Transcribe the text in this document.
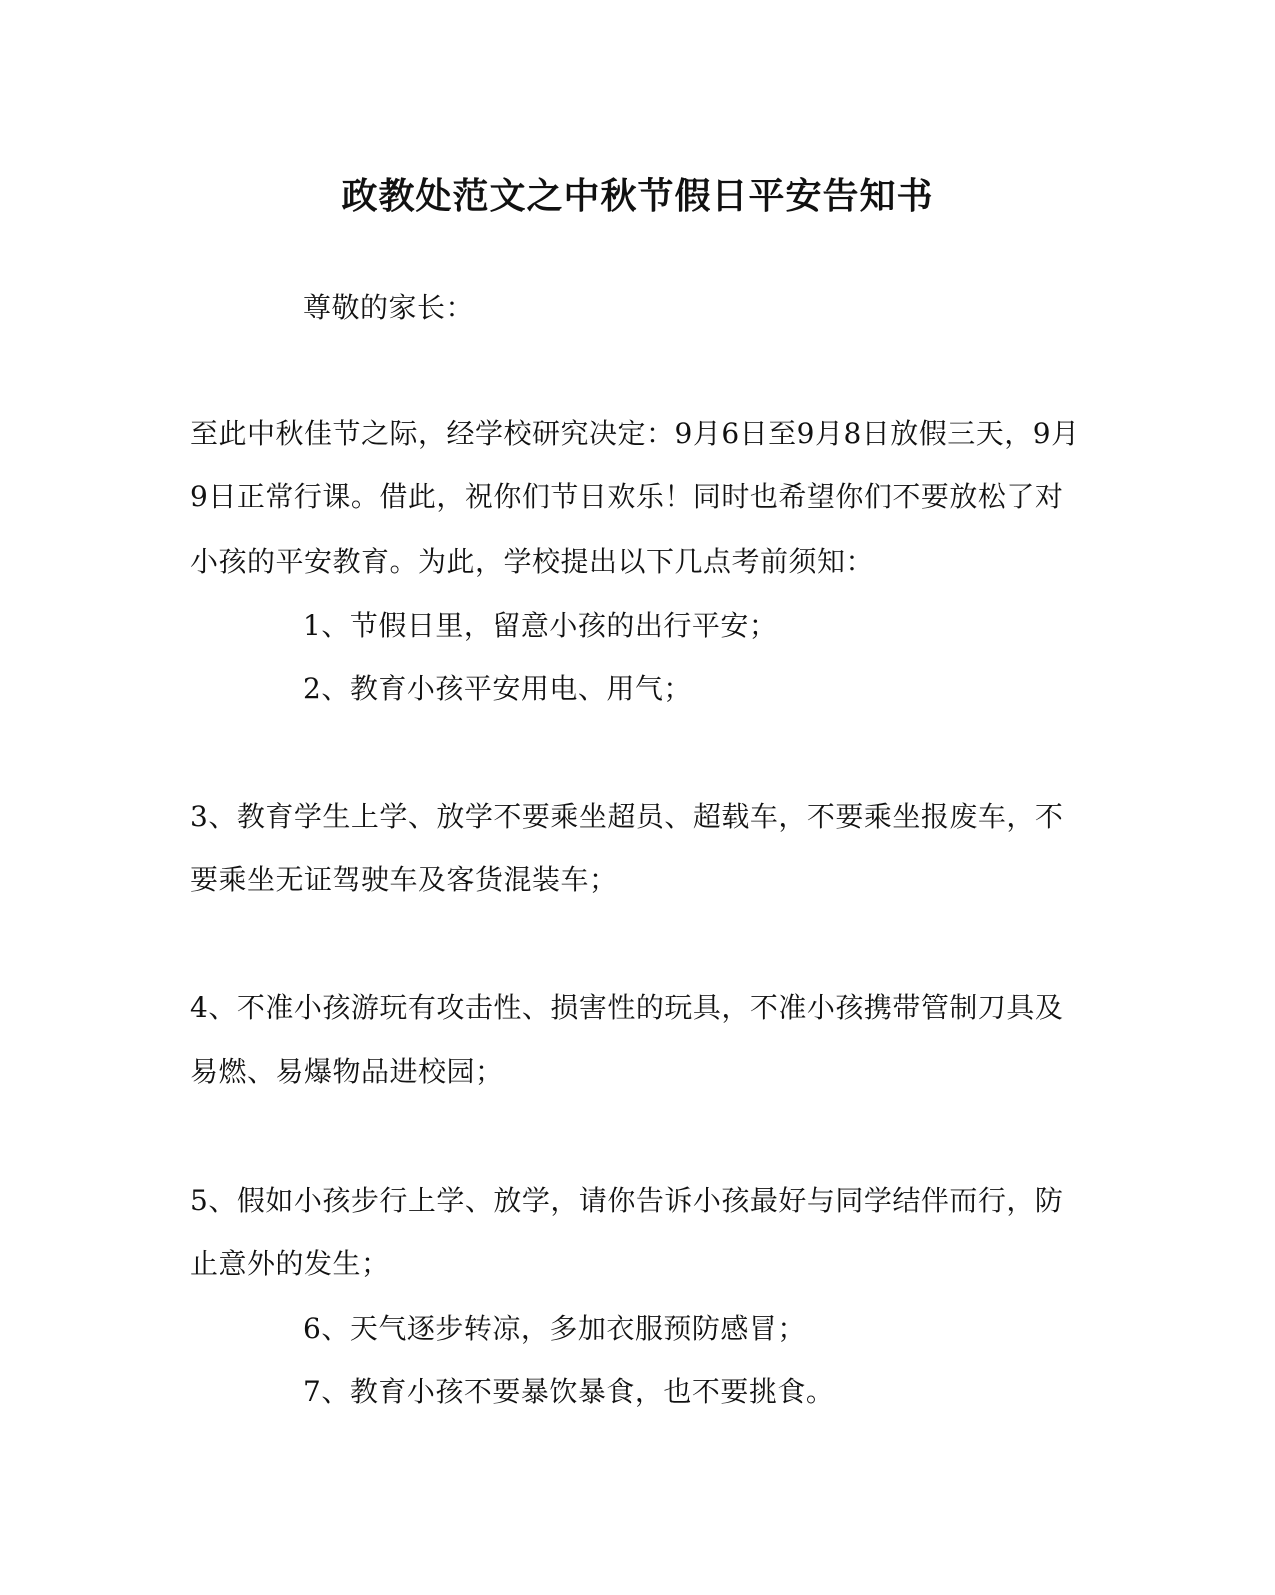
政教处范文之中秋节假日平安告知书
尊敬的家长：
至此中秋佳节之际，经学校研究决定：9月6日至9月8日放假三天，9月
9日正常行课。借此，祝你们节日欢乐！同时也希望你们不要放松了对
小孩的平安教育。为此，学校提出以下几点考前须知：
1、节假日里，留意小孩的出行平安；
2、教育小孩平安用电、用气；
3、教育学生上学、放学不要乘坐超员、超载车，不要乘坐报废车，不
要乘坐无证驾驶车及客货混装车；
4、不准小孩游玩有攻击性、损害性的玩具，不准小孩携带管制刀具及
易燃、易爆物品进校园；
5、假如小孩步行上学、放学，请你告诉小孩最好与同学结伴而行，防
止意外的发生；
6、天气逐步转凉，多加衣服预防感冒；
7、教育小孩不要暴饮暴食，也不要挑食。
